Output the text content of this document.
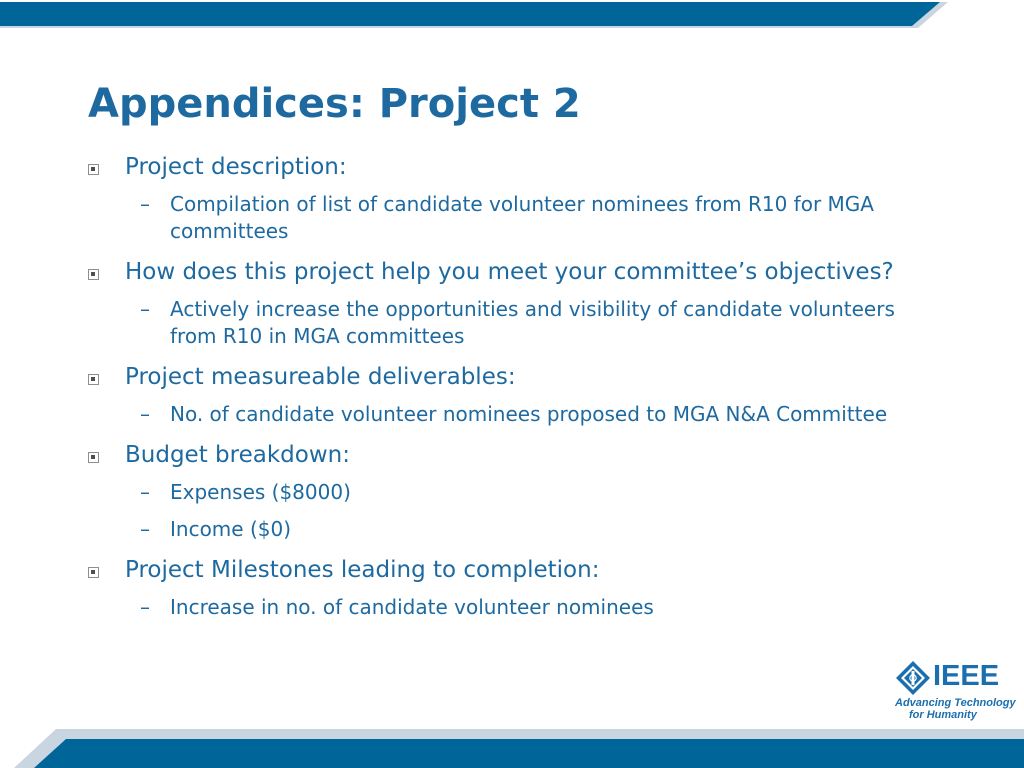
Appendices: Project 2
Project description:
– Compilation of list of candidate volunteer nominees from R10 for MGA committees
How does this project help you meet your committee’s objectives?
– Actively increase the opportunities and visibility of candidate volunteers from R10 in MGA committees
Project measureable deliverables:
– No. of candidate volunteer nominees proposed to MGA N&A Committee
Budget breakdown:
– Expenses ($8000)
– Income ($0)
Project Milestones leading to completion:
– Increase in no. of candidate volunteer nominees
IEEE
Advancing Technology
for Humanity
